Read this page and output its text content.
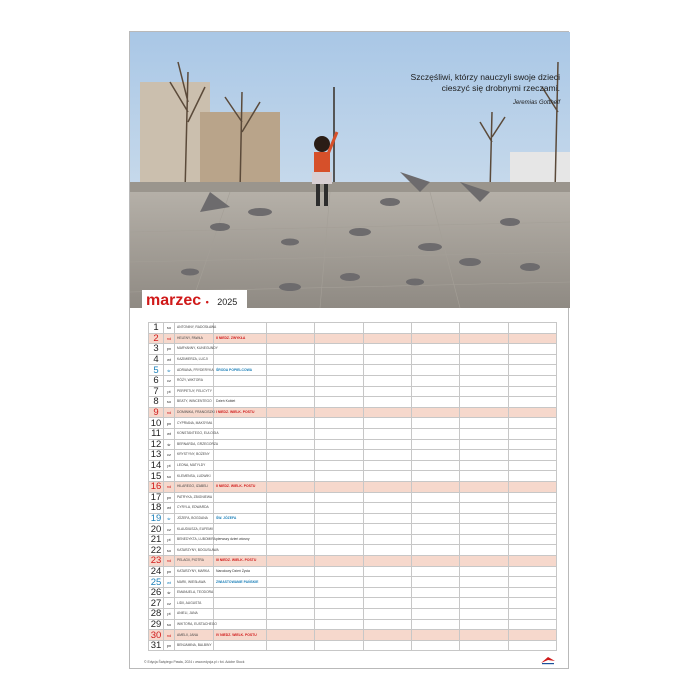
Szczęśliwi, którzy nauczyli swoje dzieci
cieszyć się drobnymi rzeczami.
Jeremias Gotthelf
marzec • 2025
1	so	ANTONINY, RADOSŁAWA							
2	nd	HELENY, PAWŁA	II NIEDZ. ZWYKŁA						
3	pn	MARYANNY, KUNEGUNDY							
4	wt	KAZIMIERZA, LUCJI							
5	śr	ADRIANA, FRYDERYKA	ŚRODA POPIELCOWA						
6	cz	RÓŻY, WIKTORA							
7	pt	PERPETUY, FELICYTY							
8	so	BEATY, WINCENTEGO	Dzień Kobiet						
9	nd	DOMINIKA, FRANCISZKI	I NIEDZ. WIELK. POSTU						
10	pn	CYPRIANA, MAKSYMA							
11	wt	KONSTANTEGO, EULOGIA							
12	śr	BERNARDA, GRZEGORZA							
13	cz	KRYSTYNY, BOŻENY							
14	pt	LEONA, MATYLDY							
15	so	KLEMENSA, LUDWIKI							
16	nd	HILAREGO, IZABELI	II NIEDZ. WIELK. POSTU						
17	pn	PATRYKA, ZBIGNIEWA							
18	wt	CYRYLA, EDWARDA							
19	śr	JÓZEFA, BOGDANA	ŚW. JÓZEFA						
20	cz	KLAUDIUSZA, EUFEMII							
21	pt	BENEDYKTA, LUBOMIRA	pierwszy dzień wiosny						
22	so	KATARZYNY, BOGUSŁAWA							
23	nd	PELAGII, PIOTRA	III NIEDZ. WIELK. POSTU						
24	pn	KATARZYNY, MARKA	Narodowy Dzień Życia						
25	wt	MARII, WIESŁAWA	ZWIASTOWANIE PAŃSKIE						
26	śr	EMANUELA, TEODORA							
27	cz	LIDII, AUGUSTA							
28	pt	ANIELI, JANA							
29	so	WIKTORA, EUSTACHEGO							
30	nd	AMELII, JANA	IV NIEDZ. WIELK. POSTU						
31	pn	BENJAMINA, BALBINY							
© Edycja Świętego Pawła, 2024 • www.edycja.pl • fot. Adobe Stock
